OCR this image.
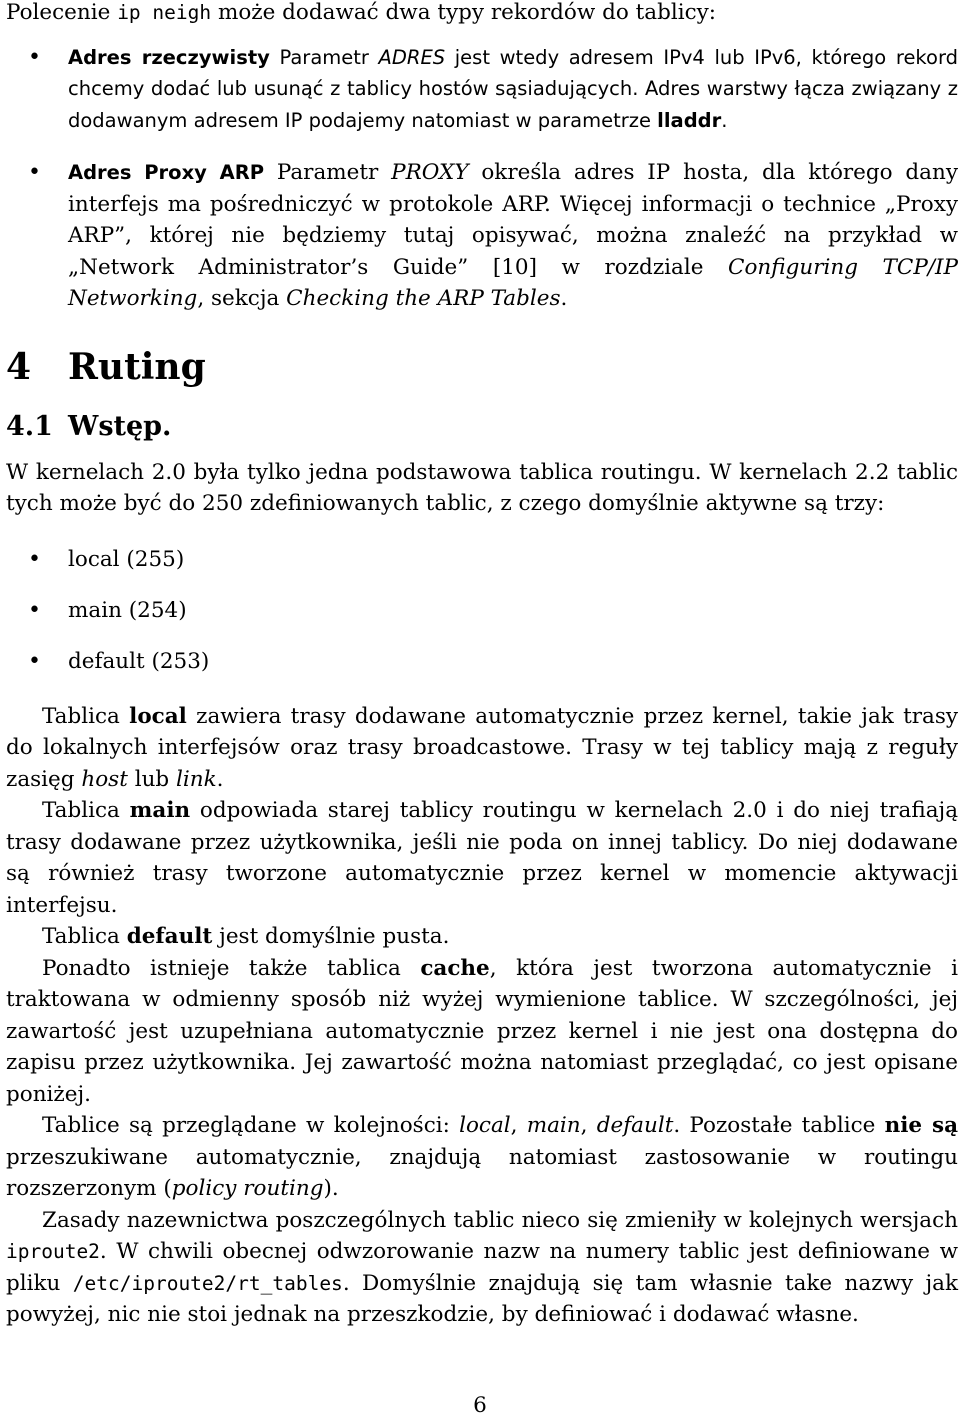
Polecenie ip neigh może dodawać dwa typy rekordów do tablicy:

• Adres rzeczywisty Parametr ADRES jest wtedy adresem IPv4 lub IPv6, którego rekord chcemy dodać lub usunąć z tablicy hostów sąsiadujących. Adres warstwy łącza związany z dodawanym adresem IP podajemy natomiast w parametrze lladdr.
• Adres Proxy ARP Parametr PROXY określa adres IP hosta, dla którego dany interfejs ma pośredniczyć w protokole ARP. Więcej informacji o technice „Proxy ARP”, której nie będziemy tutaj opisywać, można znaleźć na przykład w „Network Administrator’s Guide” [10] w rozdziale Configuring TCP/IP Networking, sekcja Checking the ARP Tables.
4 Ruting
4.1 Wstęp.

W kernelach 2.0 była tylko jedna podstawowa tablica routingu. W kernelach 2.2 tablic tych może być do 250 zdefiniowanych tablic, z czego domyślnie aktywne są trzy:

• local (255)
• main (254)
• default (253)

Tablica local zawiera trasy dodawane automatycznie przez kernel, takie jak trasy do lokalnych interfejsów oraz trasy broadcastowe. Trasy w tej tablicy mają z reguły zasięg host lub link.

Tablica main odpowiada starej tablicy routingu w kernelach 2.0 i do niej trafiają trasy dodawane przez użytkownika, jeśli nie poda on innej tablicy. Do niej dodawane są również trasy tworzone automatycznie przez kernel w momencie aktywacji interfejsu.

Tablica default jest domyślnie pusta.

Ponadto istnieje także tablica cache, która jest tworzona automatycznie i traktowana w odmienny sposób niż wyżej wymienione tablice. W szczególności, jej zawartość jest uzupełniana automatycznie przez kernel i nie jest ona dostępna do zapisu przez użytkownika. Jej zawartość można natomiast przeglądać, co jest opisane poniżej.

Tablice są przeglądane w kolejności: local, main, default. Pozostałe tablice nie są przeszukiwane automatycznie, znajdują natomiast zastosowanie w routingu rozszerzonym (policy routing).

Zasady nazewnictwa poszczególnych tablic nieco się zmieniły w kolejnych wersjach iproute2. W chwili obecnej odwzorowanie nazw na numery tablic jest definiowane w pliku /etc/iproute2/rt_tables. Domyślnie znajdują się tam własnie take nazwy jak powyżej, nic nie stoi jednak na przeszkodzie, by definiować i dodawać własne.

6
